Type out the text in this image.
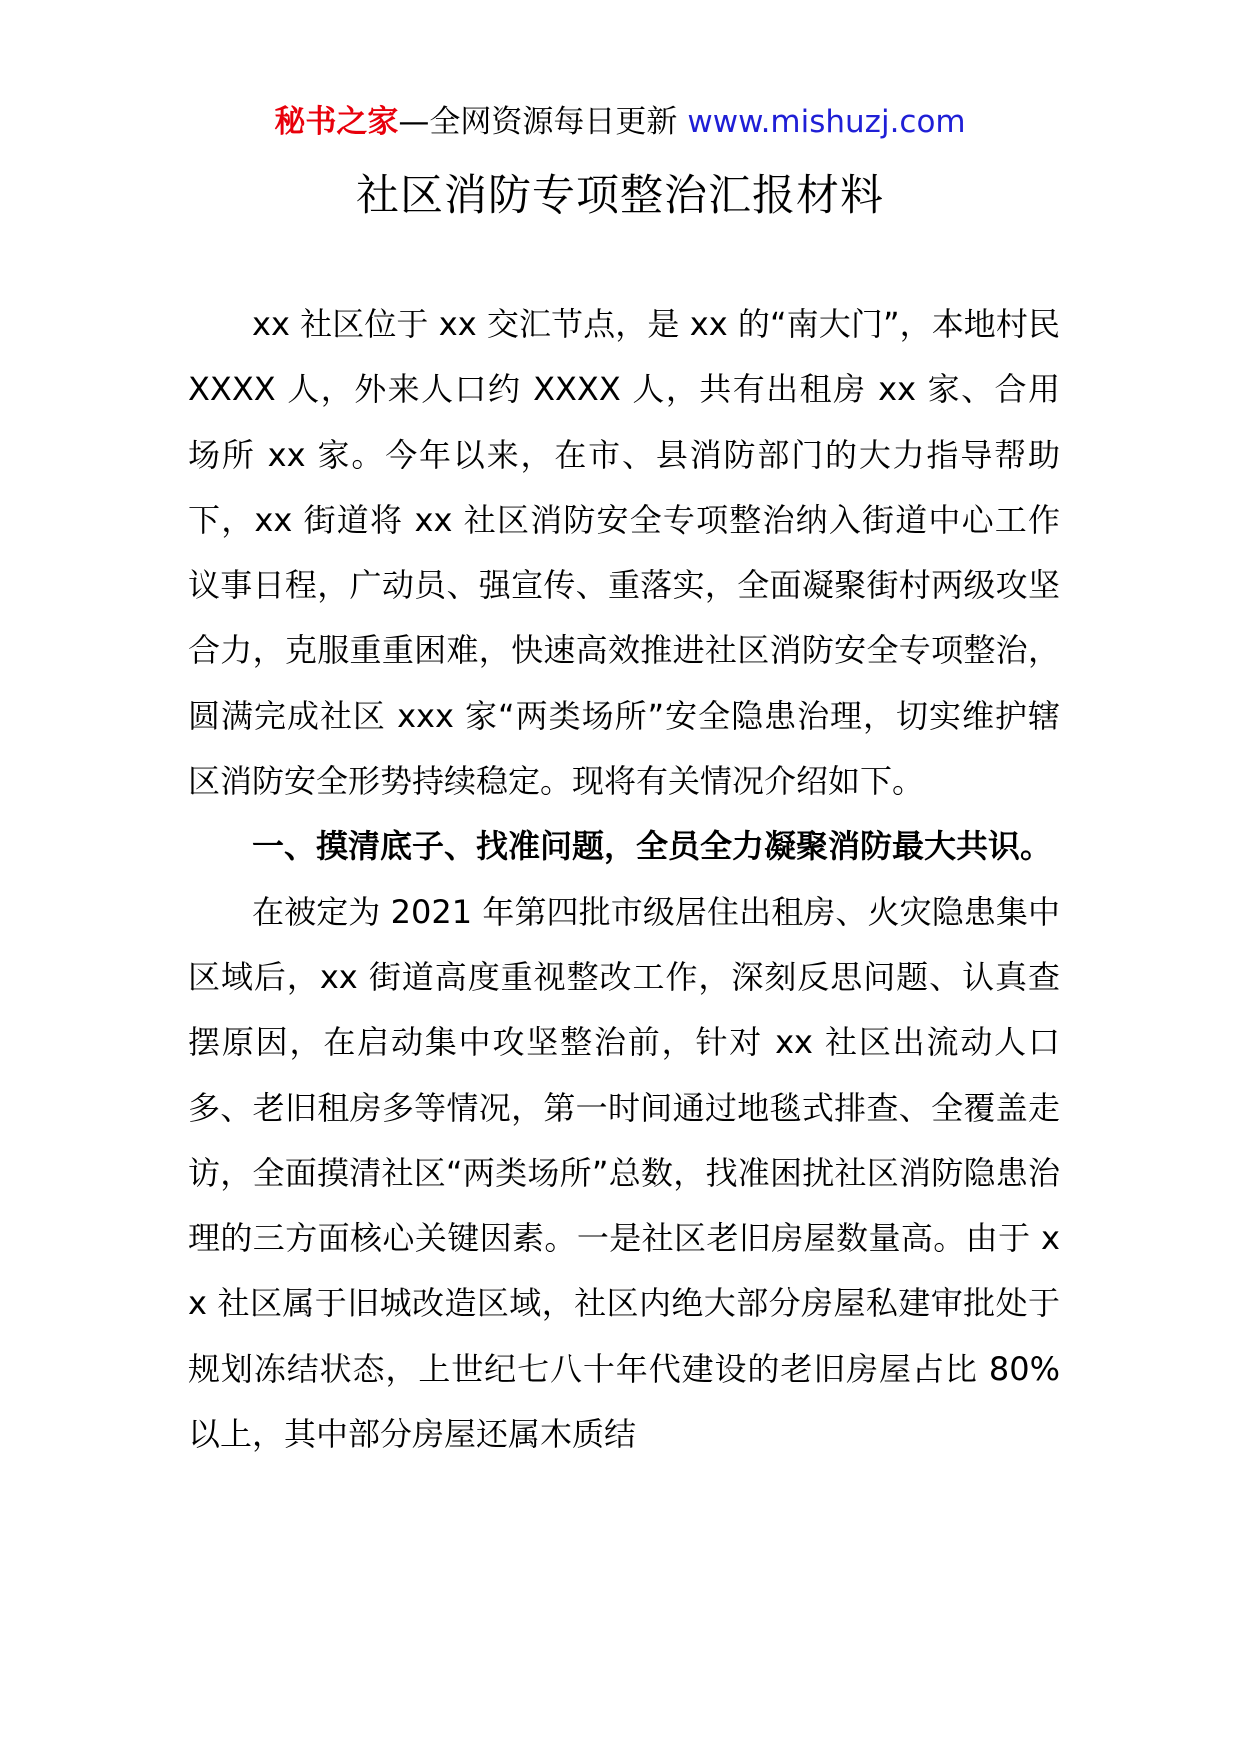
秘书之家—全网资源每日更新 www.mishuzj.com
社区消防专项整治汇报材料

xx 社区位于 xx 交汇节点，是 xx 的“南大门”，本地村民 XXXX 人，外来人口约 XXXX 人，共有出租房 xx 家、合用场所 xx 家。今年以来，在市、县消防部门的大力指导帮助下，xx 街道将 xx 社区消防安全专项整治纳入街道中心工作议事日程，广动员、强宣传、重落实，全面凝聚街村两级攻坚合力，克服重重困难，快速高效推进社区消防安全专项整治，圆满完成社区 xxx 家“两类场所”安全隐患治理，切实维护辖区消防安全形势持续稳定。现将有关情况介绍如下。

一、摸清底子、找准问题，全员全力凝聚消防最大共识。

在被定为 2021 年第四批市级居住出租房、火灾隐患集中区域后，xx 街道高度重视整改工作，深刻反思问题、认真查摆原因，在启动集中攻坚整治前，针对 xx 社区出流动人口多、老旧租房多等情况，第一时间通过地毯式排查、全覆盖走访，全面摸清社区“两类场所”总数，找准困扰社区消防隐患治理的三方面核心关键因素。一是社区老旧房屋数量高。由于 xx 社区属于旧城改造区域，社区内绝大部分房屋私建审批处于规划冻结状态，上世纪七八十年代建设的老旧房屋占比 80%以上，其中部分房屋还属木质结
